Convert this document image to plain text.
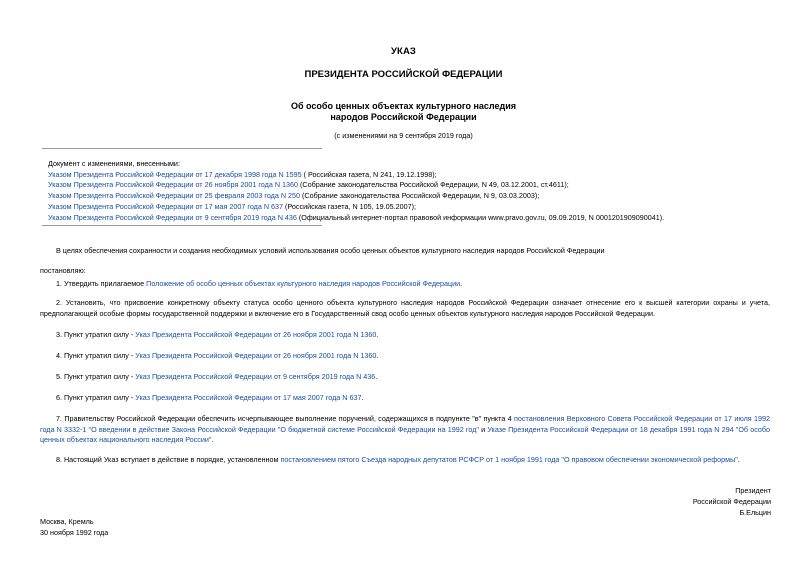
УКАЗ
ПРЕЗИДЕНТА РОССИЙСКОЙ ФЕДЕРАЦИИ
Об особо ценных объектах культурного наследия
народов Российской Федерации
(с изменениями на 9 сентября 2019 года)
Документ с изменениями, внесенными:
Указом Президента Российской Федерации от 17 декабря 1998 года N 1595 ( Российская газета, N 241, 19.12.1998);
Указом Президента Российской Федерации от 26 ноября 2001 года N 1360 (Собрание законодательства Российской Федерации, N 49, 03.12.2001, ст.4611);
Указом Президента Российской Федерации от 25 февраля 2003 года N 250 (Собрание законодательства Российской Федерации, N 9, 03.03.2003);
Указом Президента Российской Федерации от 17 мая 2007 года N 637 (Российская газета, N 105, 19.05.2007);
Указом Президента Российской Федерации от 9 сентября 2019 года N 436 (Официальный интернет-портал правовой информации www.pravo.gov.ru, 09.09.2019, N 0001201909090041).
В целях обеспечения сохранности и создания необходимых условий использования особо ценных объектов культурного наследия народов Российской Федерации
постановляю:
1. Утвердить прилагаемое Положение об особо ценных объектах культурного наследия народов Российской Федерации.
2. Установить, что присвоение конкретному объекту статуса особо ценного объекта культурного наследия народов Российской Федерации означает отнесение его к высшей категории охраны и учета, предполагающей особые формы государственной поддержки и включение его в Государственный свод особо ценных объектов культурного наследия народов Российской Федерации.
3. Пункт утратил силу - Указ Президента Российской Федерации от 26 ноября 2001 года N 1360.
4. Пункт утратил силу - Указ Президента Российской Федерации от 26 ноября 2001 года N 1360.
5. Пункт утратил силу - Указ Президента Российской Федерации от 9 сентября 2019 года N 436.
6. Пункт утратил силу - Указ Президента Российской Федерации от 17 мая 2007 года N 637.
7. Правительству Российской Федерации обеспечить исчерпывающее выполнение поручений, содержащихся в подпункте "в" пункта 4 постановления Верховного Совета Российской Федерации от 17 июля 1992 года N 3332-1 "О введении в действие Закона Российской Федерации "О бюджетной системе Российской Федерации на 1992 год" и Указе Президента Российской Федерации от 18 декабря 1991 года N 294 "Об особо ценных объектах национального наследия России".
8. Настоящий Указ вступает в действие в порядке, установленном постановлением пятого Съезда народных депутатов РСФСР от 1 ноября 1991 года "О правовом обеспечении экономической реформы".
Президент
Российской Федерации
Б.Ельцин
Москва, Кремль
30 ноября 1992 года
